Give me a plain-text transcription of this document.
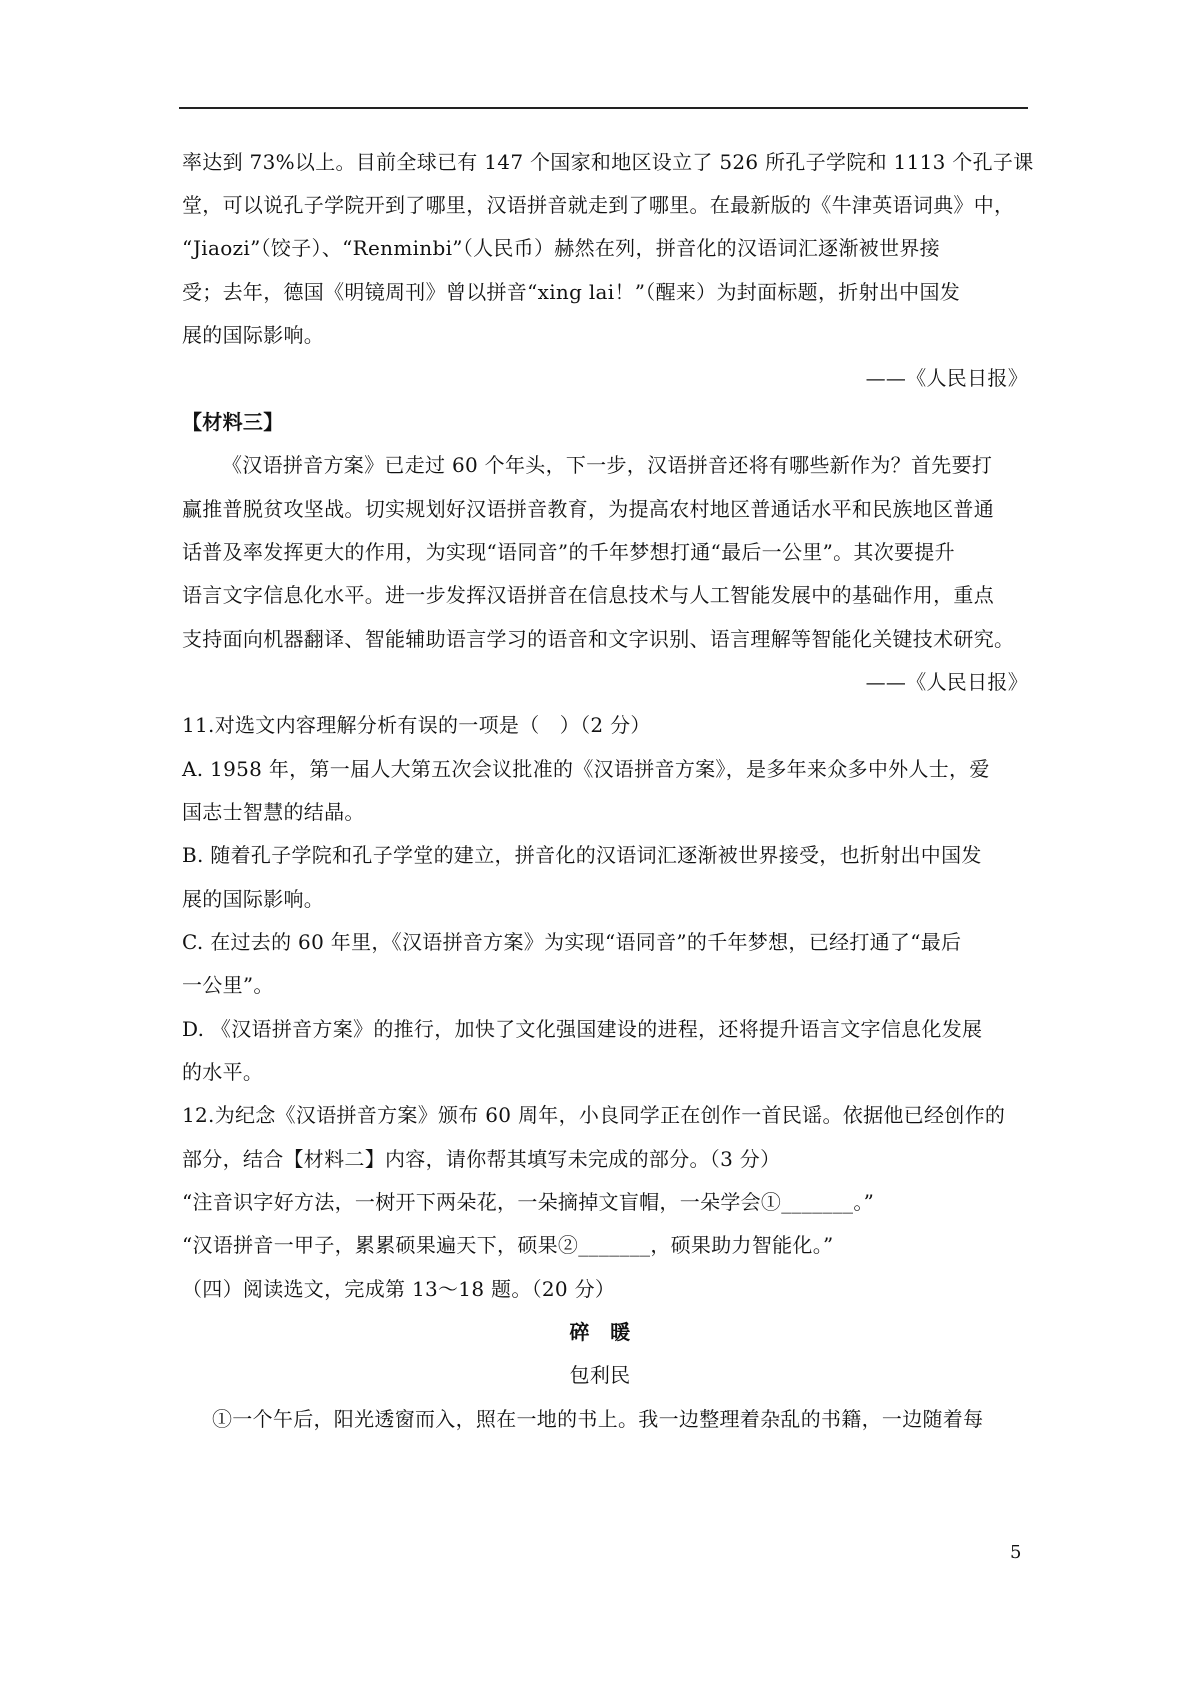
率达到 73%以上。目前全球已有 147 个国家和地区设立了 526 所孔子学院和 1113 个孔子课
堂，可以说孔子学院开到了哪里，汉语拼音就走到了哪里。在最新版的《牛津英语词典》中，
“Jiaozi”（饺子）、“Renminbi”（人民币）赫然在列，拼音化的汉语词汇逐渐被世界接
受；去年，德国《明镜周刊》曾以拼音“xing lai！”（醒来）为封面标题，折射出中国发
展的国际影响。
——《人民日报》
【材料三】
《汉语拼音方案》已走过 60 个年头，下一步，汉语拼音还将有哪些新作为？首先要打
赢推普脱贫攻坚战。切实规划好汉语拼音教育，为提高农村地区普通话水平和民族地区普通
话普及率发挥更大的作用，为实现“语同音”的千年梦想打通“最后一公里”。其次要提升
语言文字信息化水平。进一步发挥汉语拼音在信息技术与人工智能发展中的基础作用，重点
支持面向机器翻译、智能辅助语言学习的语音和文字识别、语言理解等智能化关键技术研究。
——《人民日报》
11.对选文内容理解分析有误的一项是（　）（2 分）
A. 1958 年，第一届人大第五次会议批准的《汉语拼音方案》，是多年来众多中外人士，爱
国志士智慧的结晶。
B. 随着孔子学院和孔子学堂的建立，拼音化的汉语词汇逐渐被世界接受，也折射出中国发
展的国际影响。
C. 在过去的 60 年里，《汉语拼音方案》为实现“语同音”的千年梦想，已经打通了“最后
一公里”。
D. 《汉语拼音方案》的推行，加快了文化强国建设的进程，还将提升语言文字信息化发展
的水平。
12.为纪念《汉语拼音方案》颁布 60 周年，小良同学正在创作一首民谣。依据他已经创作的
部分，结合【材料二】内容，请你帮其填写未完成的部分。（3 分）
“注音识字好方法，一树开下两朵花，一朵摘掉文盲帽，一朵学会①_______。”
“汉语拼音一甲子，累累硕果遍天下，硕果②_______，硕果助力智能化。”
（四）阅读选文，完成第 13～18 题。（20 分）
碎　暖
包利民
①一个午后，阳光透窗而入，照在一地的书上。我一边整理着杂乱的书籍，一边随着每
5
